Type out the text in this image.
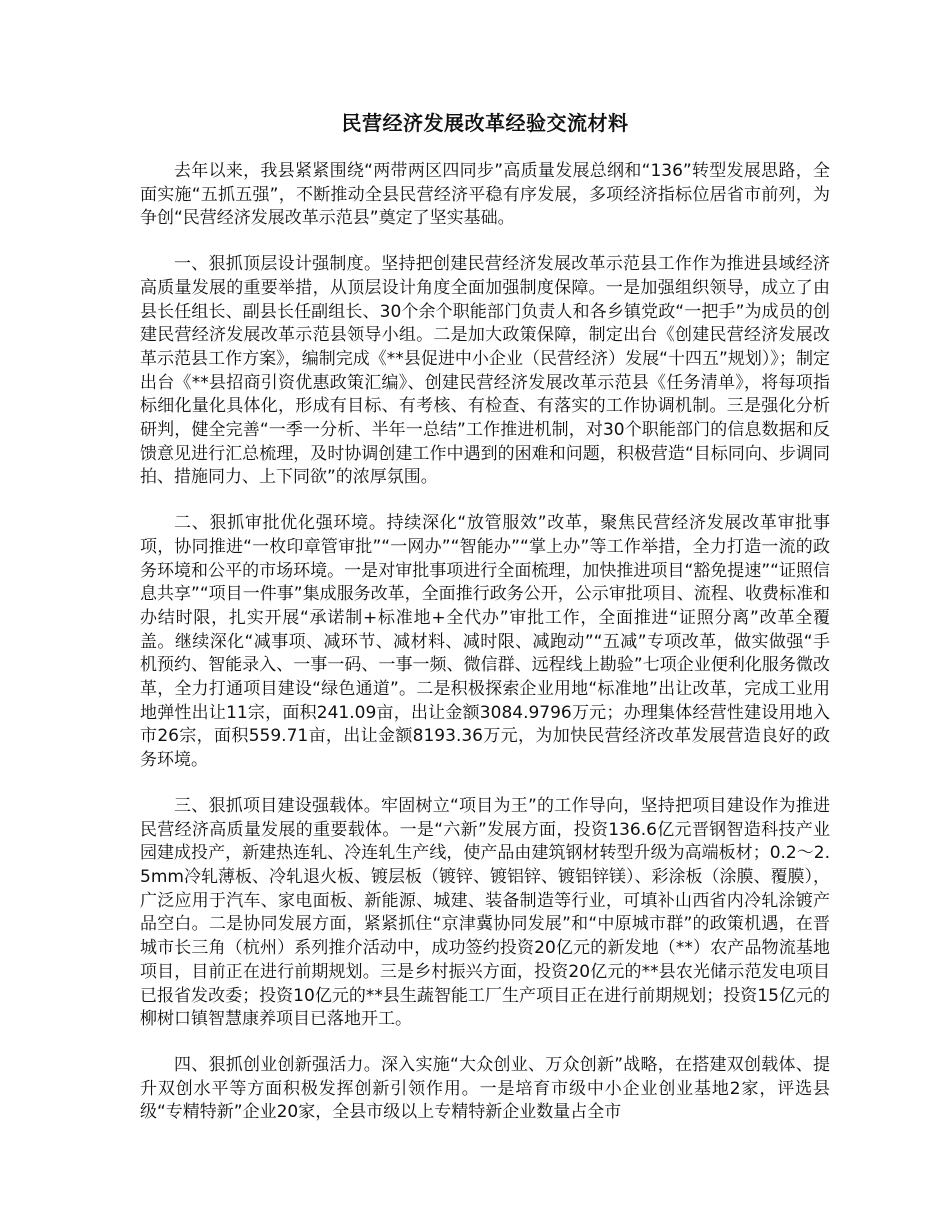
民营经济发展改革经验交流材料

去年以来，我县紧紧围绕“两带两区四同步”高质量发展总纲和“136”转型发展思路，全面实施“五抓五强”，不断推动全县民营经济平稳有序发展，多项经济指标位居省市前列，为争创“民营经济发展改革示范县”奠定了坚实基础。

一、狠抓顶层设计强制度。坚持把创建民营经济发展改革示范县工作作为推进县域经济高质量发展的重要举措，从顶层设计角度全面加强制度保障。一是加强组织领导，成立了由县长任组长、副县长任副组长、30个余个职能部门负责人和各乡镇党政“一把手”为成员的创建民营经济发展改革示范县领导小组。二是加大政策保障，制定出台《创建民营经济发展改革示范县工作方案》，编制完成《**县促进中小企业（民营经济）发展“十四五”规划）》；制定出台《**县招商引资优惠政策汇编》、创建民营经济发展改革示范县《任务清单》，将每项指标细化量化具体化，形成有目标、有考核、有检查、有落实的工作协调机制。三是强化分析研判，健全完善“一季一分析、半年一总结”工作推进机制，对30个职能部门的信息数据和反馈意见进行汇总梳理，及时协调创建工作中遇到的困难和问题，积极营造“目标同向、步调同拍、措施同力、上下同欲”的浓厚氛围。

二、狠抓审批优化强环境。持续深化“放管服效”改革，聚焦民营经济发展改革审批事项，协同推进“一枚印章管审批”“一网办”“智能办”“掌上办”等工作举措，全力打造一流的政务环境和公平的市场环境。一是对审批事项进行全面梳理，加快推进项目“豁免提速”“证照信息共享”“项目一件事”集成服务改革，全面推行政务公开，公示审批项目、流程、收费标准和办结时限，扎实开展“承诺制+标准地+全代办”审批工作，全面推进“证照分离”改革全覆盖。继续深化“减事项、减环节、减材料、减时限、减跑动”“五减”专项改革，做实做强“手机预约、智能录入、一事一码、一事一频、微信群、远程线上勘验”七项企业便利化服务微改革，全力打通项目建设“绿色通道”。二是积极探索企业用地“标准地”出让改革，完成工业用地弹性出让11宗，面积241.09亩，出让金额3084.9796万元；办理集体经营性建设用地入市26宗，面积559.71亩，出让金额8193.36万元，为加快民营经济改革发展营造良好的政务环境。

三、狠抓项目建设强载体。牢固树立“项目为王”的工作导向，坚持把项目建设作为推进民营经济高质量发展的重要载体。一是“六新”发展方面，投资136.6亿元晋钢智造科技产业园建成投产，新建热连轧、冷连轧生产线，使产品由建筑钢材转型升级为高端板材；0.2～2.5mm冷轧薄板、冷轧退火板、镀层板（镀锌、镀铝锌、镀铝锌镁）、彩涂板（涂膜、覆膜），广泛应用于汽车、家电面板、新能源、城建、装备制造等行业，可填补山西省内冷轧涂镀产品空白。二是协同发展方面，紧紧抓住“京津冀协同发展”和“中原城市群”的政策机遇，在晋城市长三角（杭州）系列推介活动中，成功签约投资20亿元的新发地（**）农产品物流基地项目，目前正在进行前期规划。三是乡村振兴方面，投资20亿元的**县农光储示范发电项目已报省发改委；投资10亿元的**县生蔬智能工厂生产项目正在进行前期规划；投资15亿元的柳树口镇智慧康养项目已落地开工。

四、狠抓创业创新强活力。深入实施“大众创业、万众创新”战略，在搭建双创载体、提升双创水平等方面积极发挥创新引领作用。一是培育市级中小企业创业基地2家，评选县级“专精特新”企业20家，全县市级以上专精特新企业数量占全市
